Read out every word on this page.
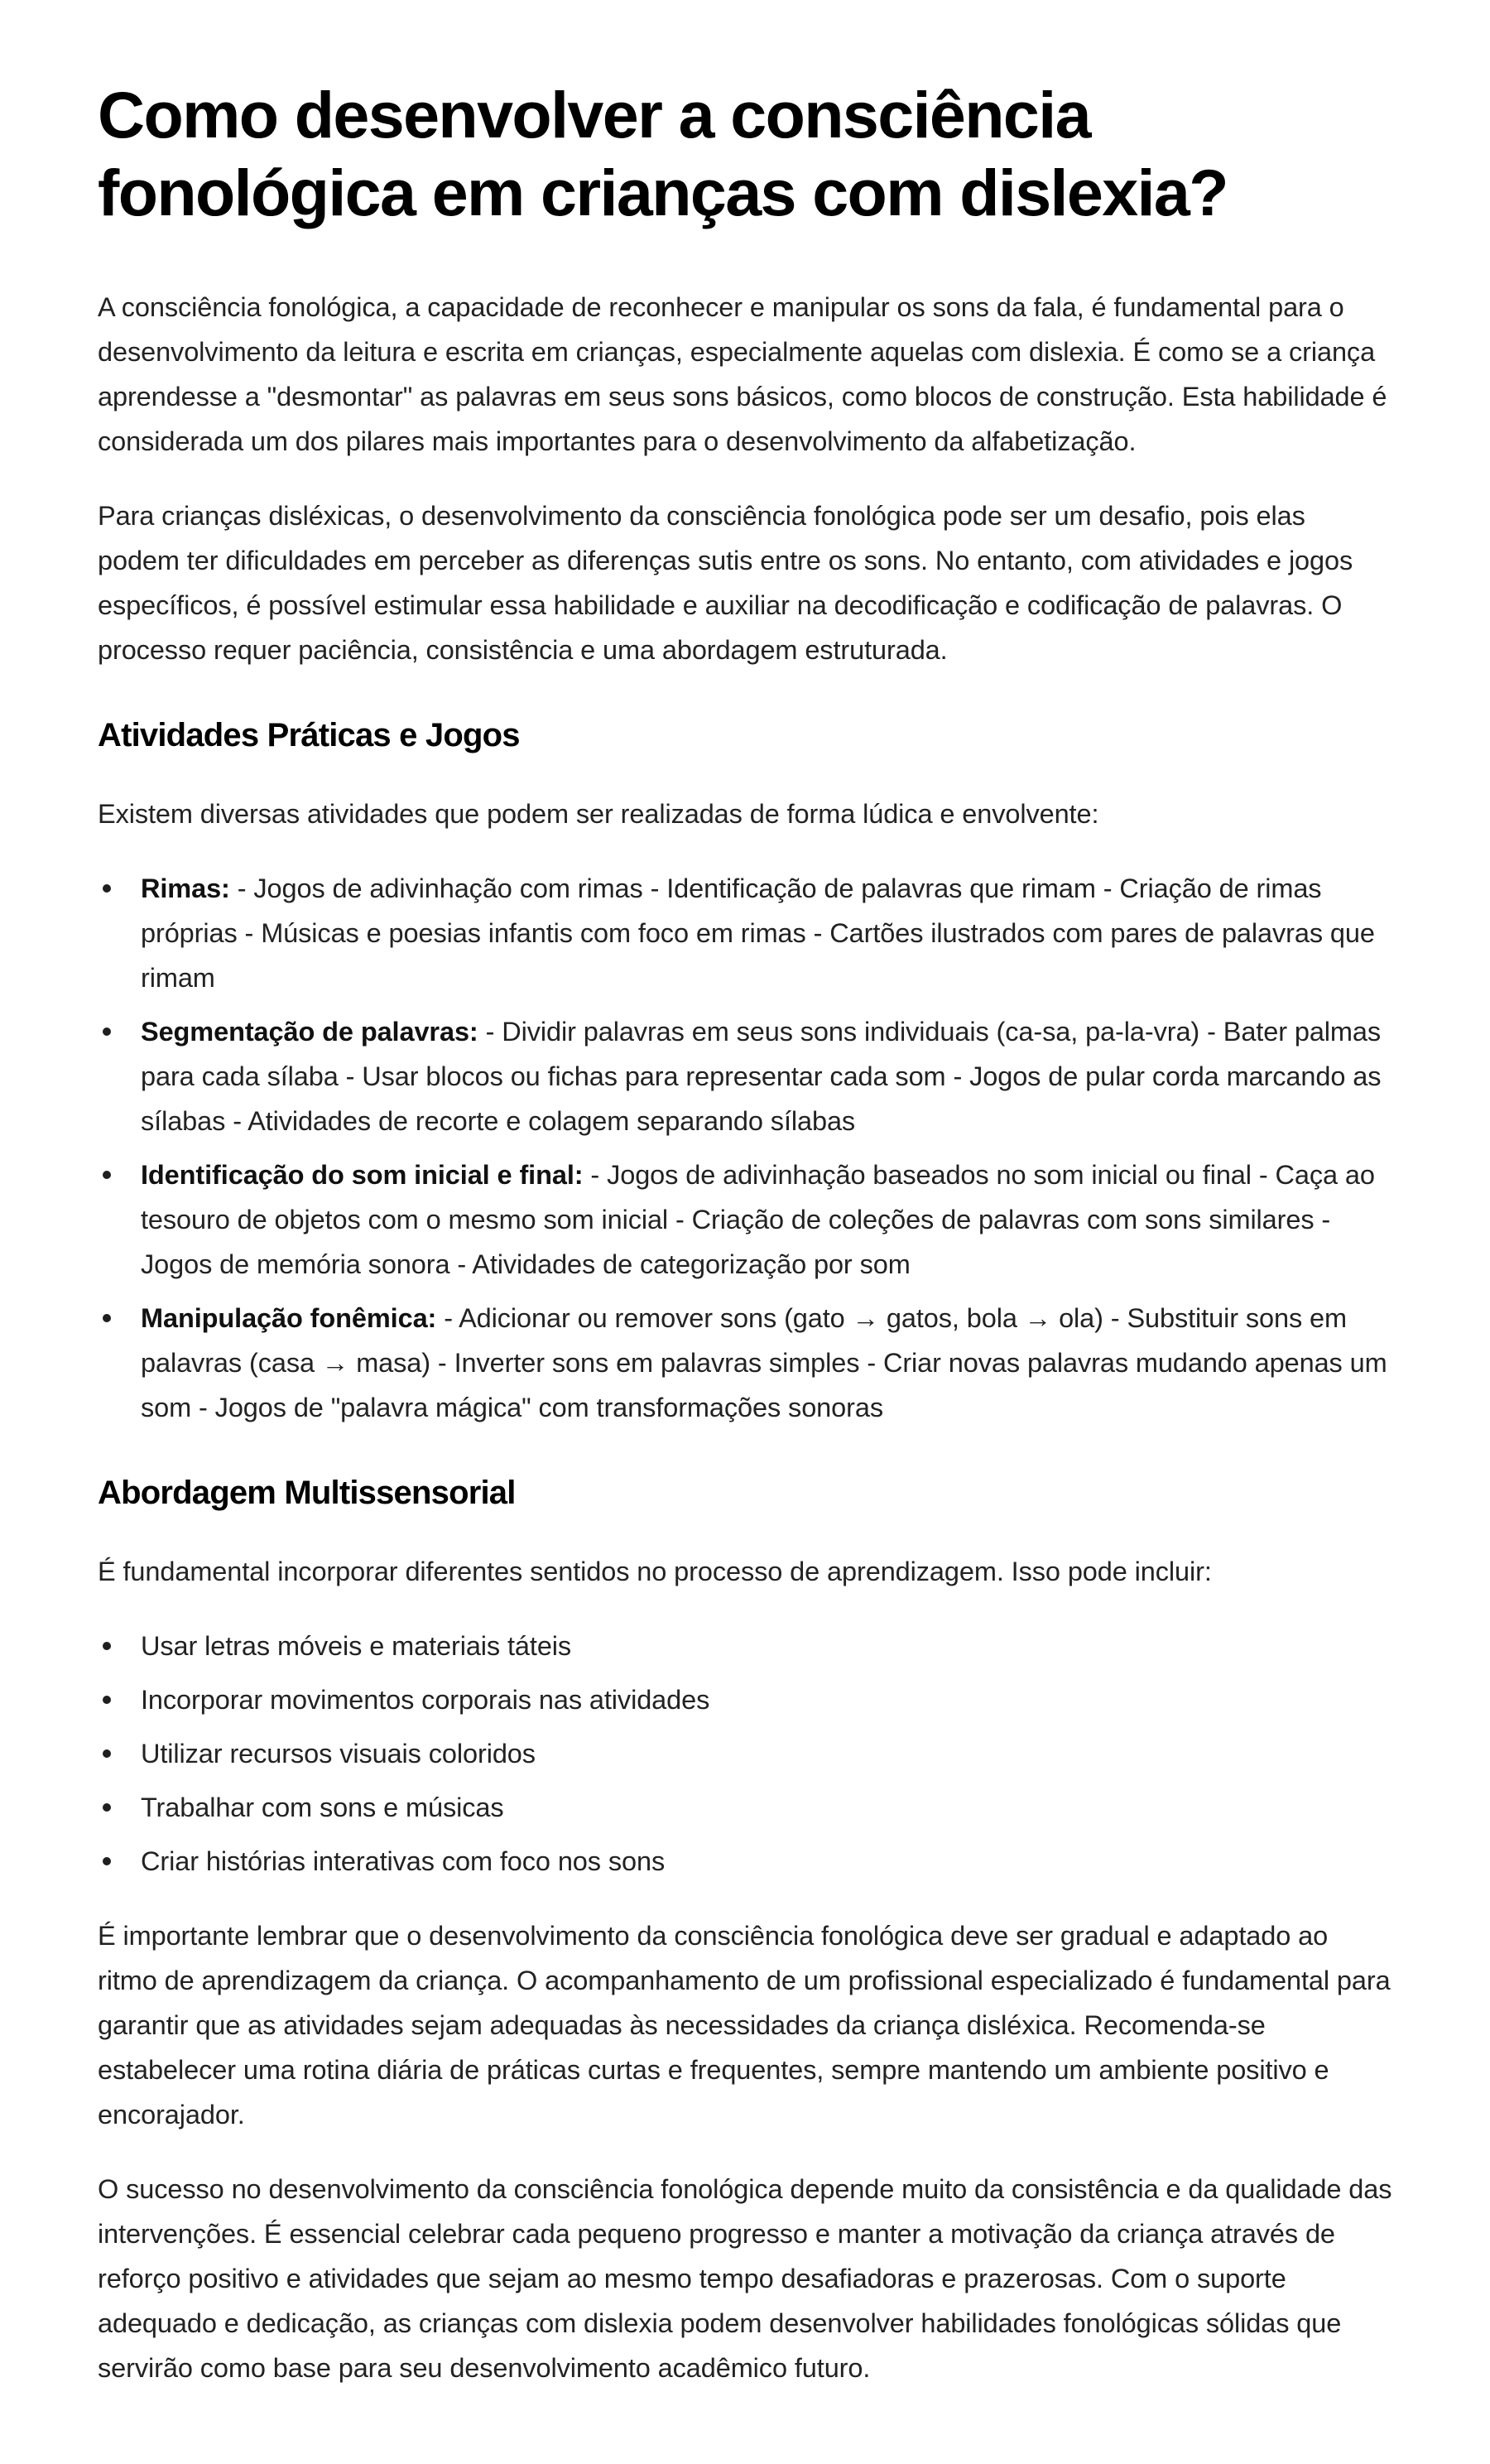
Como desenvolver a consciência fonológica em crianças com dislexia?

A consciência fonológica, a capacidade de reconhecer e manipular os sons da fala, é fundamental para o desenvolvimento da leitura e escrita em crianças, especialmente aquelas com dislexia. É como se a criança aprendesse a "desmontar" as palavras em seus sons básicos, como blocos de construção. Esta habilidade é considerada um dos pilares mais importantes para o desenvolvimento da alfabetização.

Para crianças disléxicas, o desenvolvimento da consciência fonológica pode ser um desafio, pois elas podem ter dificuldades em perceber as diferenças sutis entre os sons. No entanto, com atividades e jogos específicos, é possível estimular essa habilidade e auxiliar na decodificação e codificação de palavras. O processo requer paciência, consistência e uma abordagem estruturada.

Atividades Práticas e Jogos

Existem diversas atividades que podem ser realizadas de forma lúdica e envolvente:

Rimas: - Jogos de adivinhação com rimas - Identificação de palavras que rimam - Criação de rimas próprias - Músicas e poesias infantis com foco em rimas - Cartões ilustrados com pares de palavras que rimam
Segmentação de palavras: - Dividir palavras em seus sons individuais (ca-sa, pa-la-vra) - Bater palmas para cada sílaba - Usar blocos ou fichas para representar cada som - Jogos de pular corda marcando as sílabas - Atividades de recorte e colagem separando sílabas
Identificação do som inicial e final: - Jogos de adivinhação baseados no som inicial ou final - Caça ao tesouro de objetos com o mesmo som inicial - Criação de coleções de palavras com sons similares - Jogos de memória sonora - Atividades de categorização por som
Manipulação fonêmica: - Adicionar ou remover sons (gato → gatos, bola → ola) - Substituir sons em palavras (casa → masa) - Inverter sons em palavras simples - Criar novas palavras mudando apenas um som - Jogos de "palavra mágica" com transformações sonoras
Abordagem Multissensorial

É fundamental incorporar diferentes sentidos no processo de aprendizagem. Isso pode incluir:

Usar letras móveis e materiais táteis
Incorporar movimentos corporais nas atividades
Utilizar recursos visuais coloridos
Trabalhar com sons e músicas
Criar histórias interativas com foco nos sons

É importante lembrar que o desenvolvimento da consciência fonológica deve ser gradual e adaptado ao ritmo de aprendizagem da criança. O acompanhamento de um profissional especializado é fundamental para garantir que as atividades sejam adequadas às necessidades da criança disléxica. Recomenda-se estabelecer uma rotina diária de práticas curtas e frequentes, sempre mantendo um ambiente positivo e encorajador.

O sucesso no desenvolvimento da consciência fonológica depende muito da consistência e da qualidade das intervenções. É essencial celebrar cada pequeno progresso e manter a motivação da criança através de reforço positivo e atividades que sejam ao mesmo tempo desafiadoras e prazerosas. Com o suporte adequado e dedicação, as crianças com dislexia podem desenvolver habilidades fonológicas sólidas que servirão como base para seu desenvolvimento acadêmico futuro.
